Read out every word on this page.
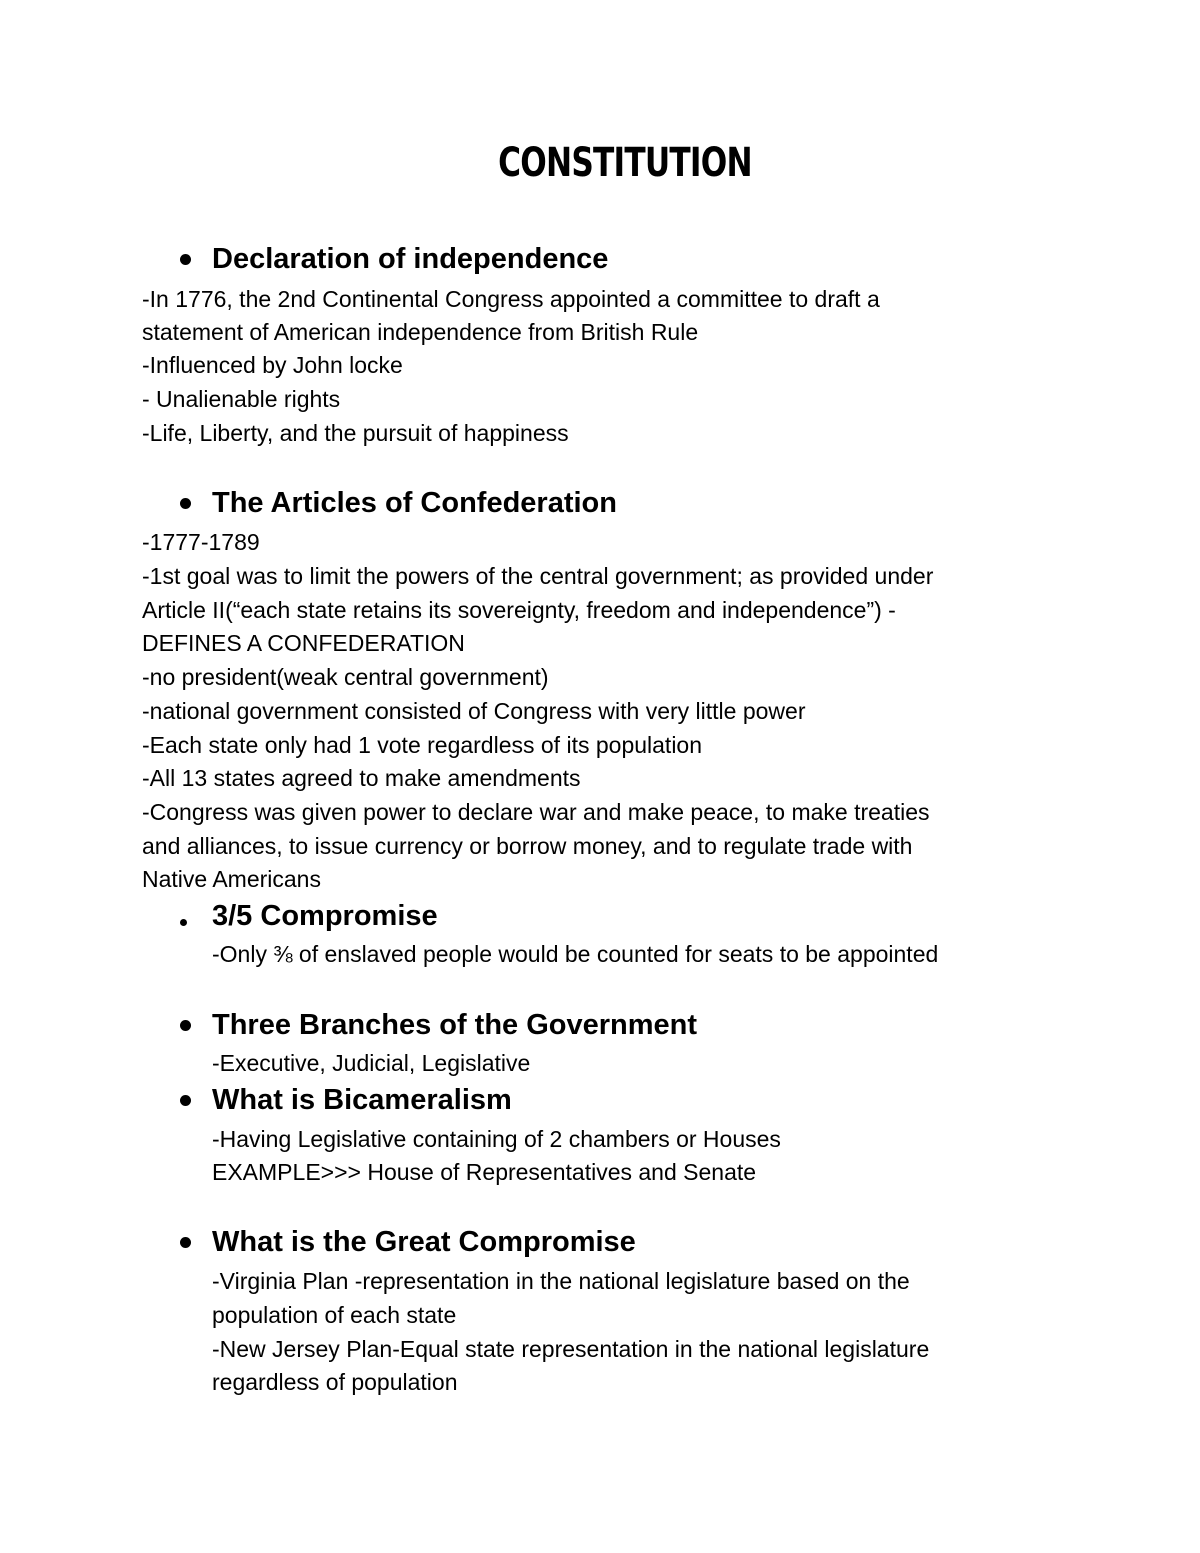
CONSTITUTION
Declaration of independence

-In 1776, the 2nd Continental Congress appointed a committee to draft a

statement of American independence from British Rule

-Influenced by John locke

- Unalienable rights

-Life, Liberty, and the pursuit of happiness

The Articles of Confederation

-1777-1789

-1st goal was to limit the powers of the central government; as provided under

Article II(“each state retains its sovereignty, freedom and independence”) -

DEFINES A CONFEDERATION

-no president(weak central government)

-national government consisted of Congress with very little power

-Each state only had 1 vote regardless of its population

-All 13 states agreed to make amendments

-Congress was given power to declare war and make peace, to make treaties

and alliances, to issue currency or borrow money, and to regulate trade with

Native Americans

3/5 Compromise

-Only ⅜ of enslaved people would be counted for seats to be appointed

Three Branches of the Government

-Executive, Judicial, Legislative

What is Bicameralism

-Having Legislative containing of 2 chambers or Houses

EXAMPLE>>> House of Representatives and Senate

What is the Great Compromise

-Virginia Plan -representation in the national legislature based on the

population of each state

-New Jersey Plan-Equal state representation in the national legislature

regardless of population
